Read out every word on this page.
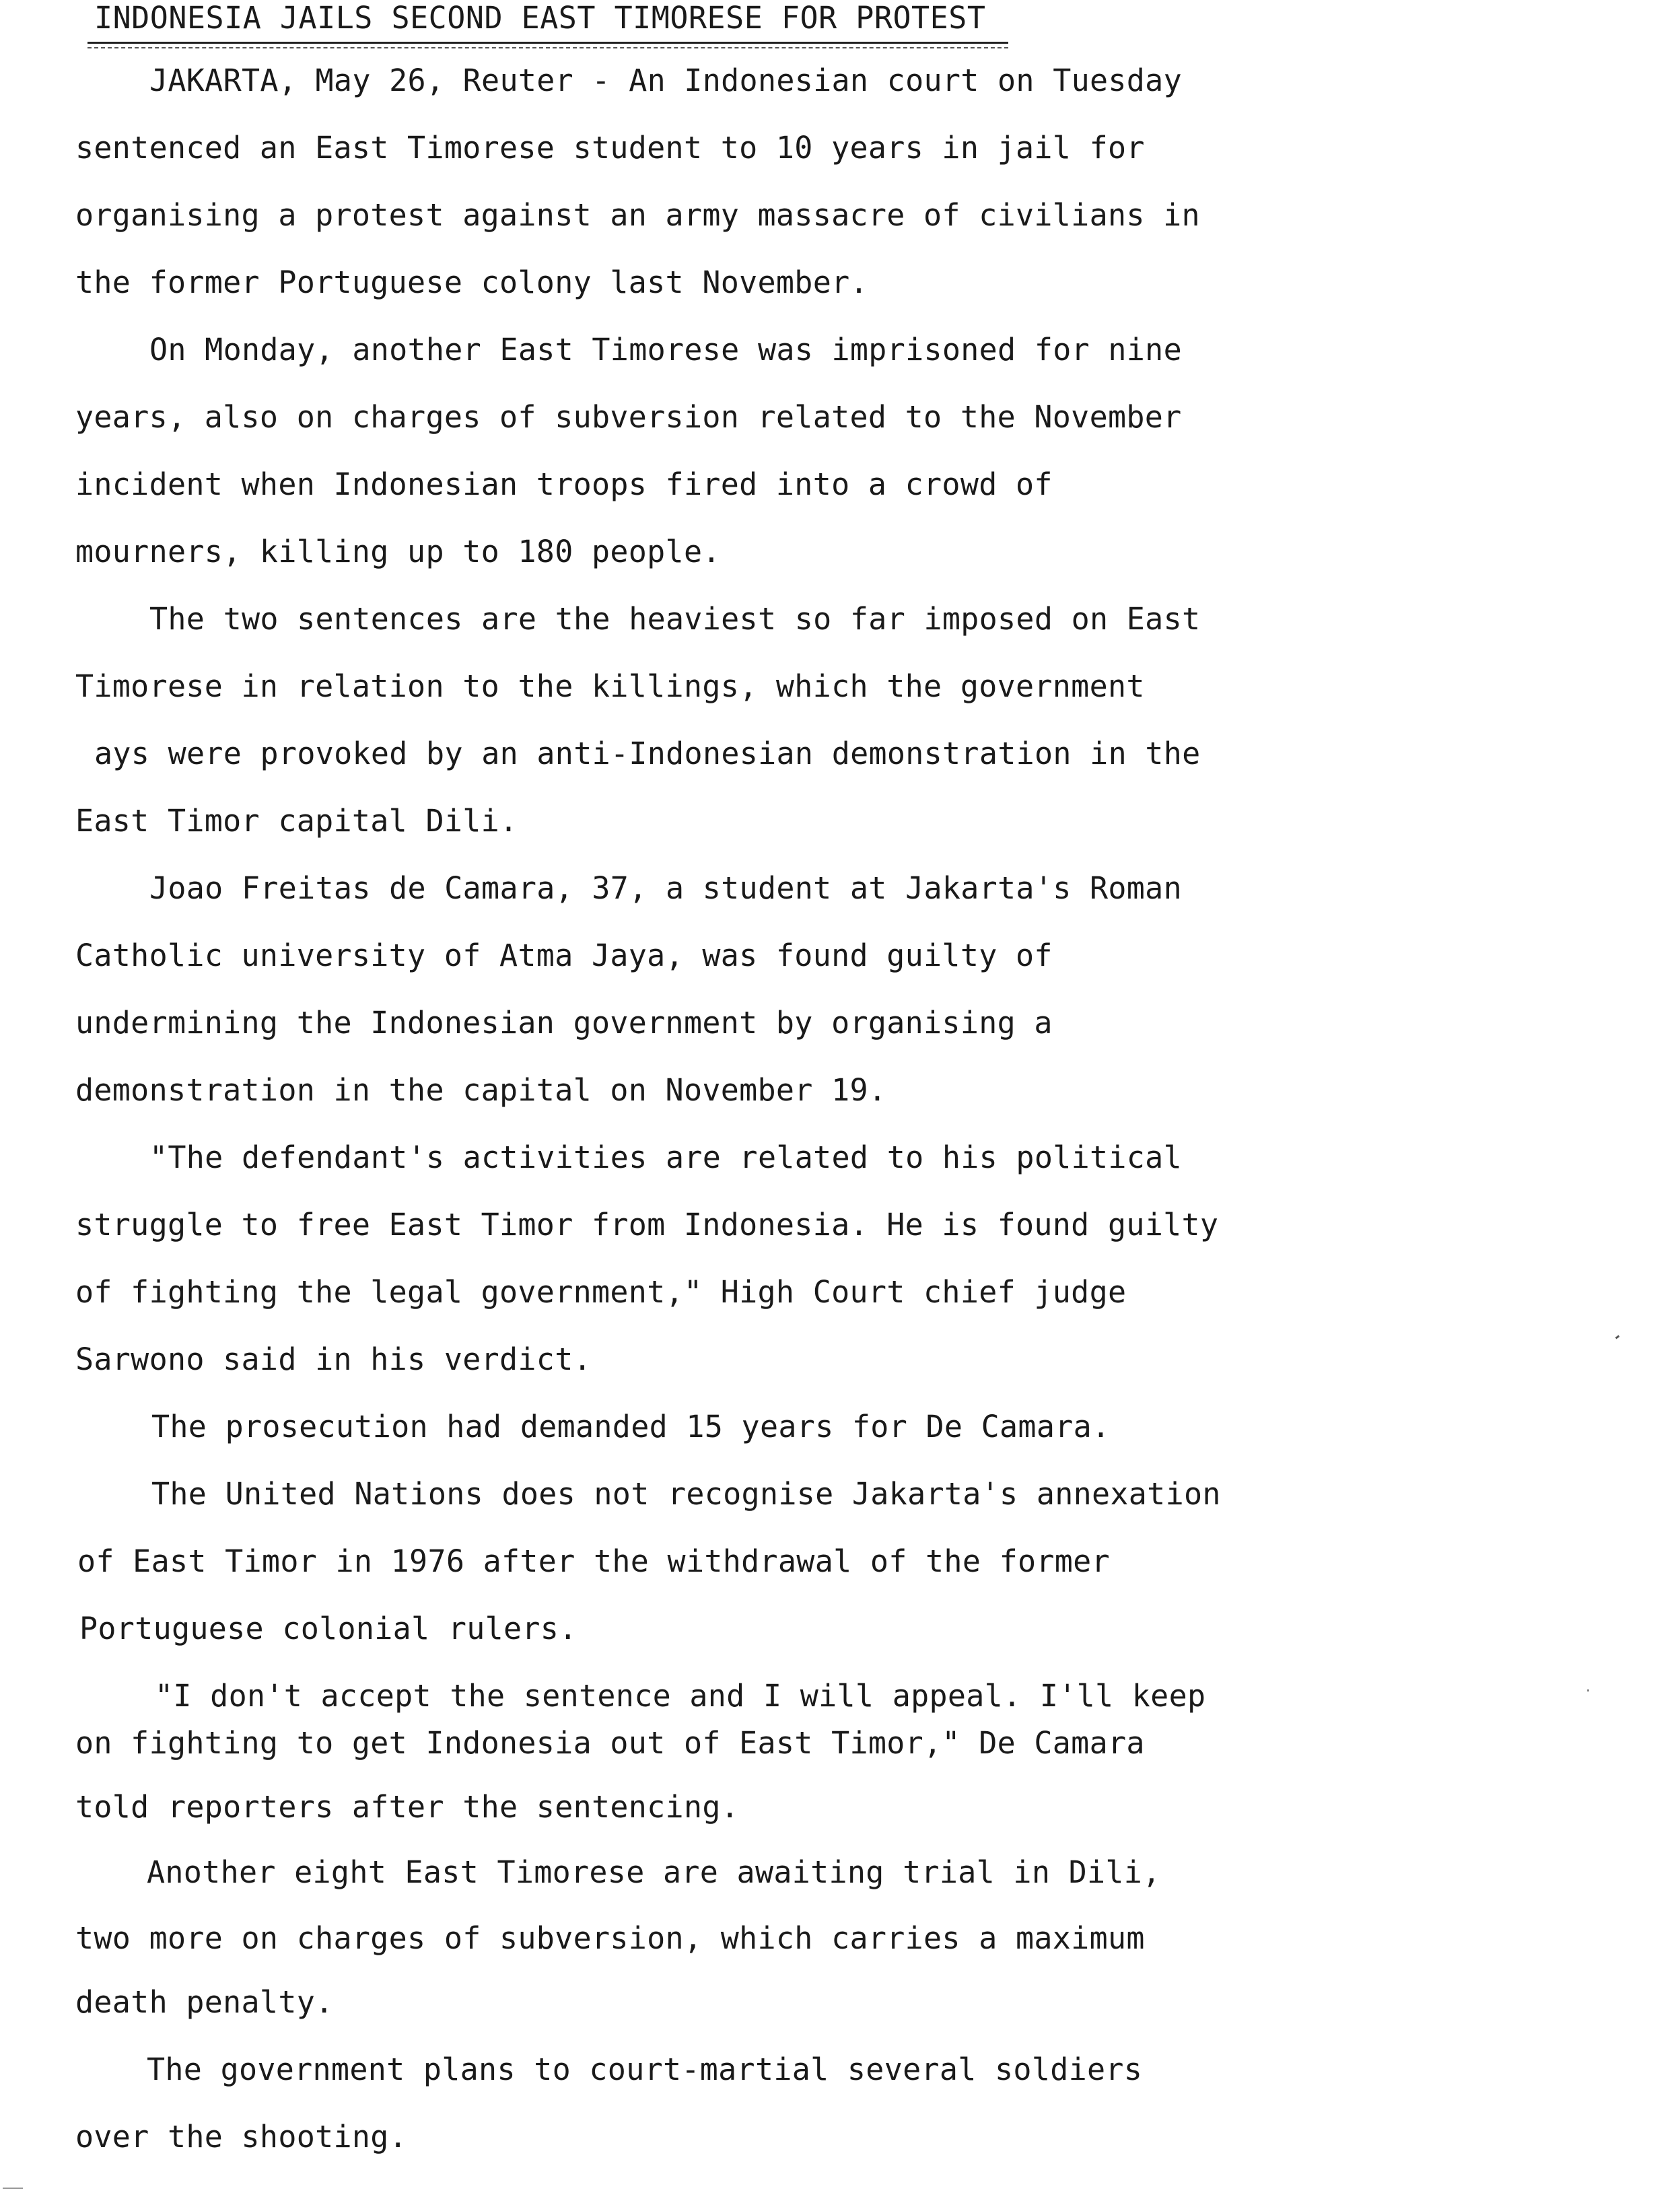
INDONESIA JAILS SECOND EAST TIMORESE FOR PROTEST
JAKARTA, May 26, Reuter - An Indonesian court on Tuesday
sentenced an East Timorese student to 10 years in jail for
organising a protest against an army massacre of civilians in
the former Portuguese colony last November.
On Monday, another East Timorese was imprisoned for nine
years, also on charges of subversion related to the November
incident when Indonesian troops fired into a crowd of
mourners, killing up to 180 people.
The two sentences are the heaviest so far imposed on East
Timorese in relation to the killings, which the government
ays were provoked by an anti-Indonesian demonstration in the
East Timor capital Dili.
Joao Freitas de Camara, 37, a student at Jakarta's Roman
Catholic university of Atma Jaya, was found guilty of
undermining the Indonesian government by organising a
demonstration in the capital on November 19.
"The defendant's activities are related to his political
struggle to free East Timor from Indonesia. He is found guilty
of fighting the legal government," High Court chief judge
Sarwono said in his verdict.
The prosecution had demanded 15 years for De Camara.
The United Nations does not recognise Jakarta's annexation
of East Timor in 1976 after the withdrawal of the former
Portuguese colonial rulers.
"I don't accept the sentence and I will appeal. I'll keep
on fighting to get Indonesia out of East Timor," De Camara
told reporters after the sentencing.
Another eight East Timorese are awaiting trial in Dili,
two more on charges of subversion, which carries a maximum
death penalty.
The government plans to court-martial several soldiers
over the shooting.
